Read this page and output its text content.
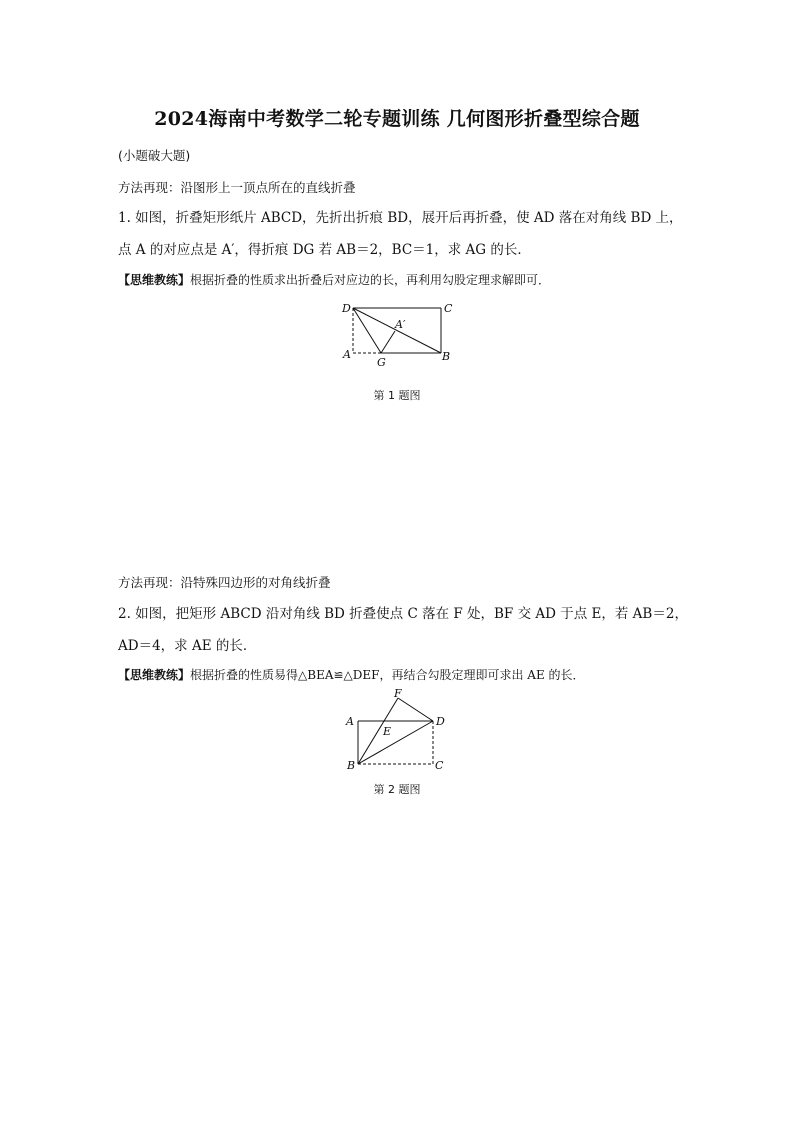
2024海南中考数学二轮专题训练 几何图形折叠型综合题
(小题破大题)
方法再现：沿图形上一顶点所在的直线折叠
1. 如图，折叠矩形纸片 ABCD，先折出折痕 BD，展开后再折叠，使 AD 落在对角线 BD 上，
点 A 的对应点是 A′，得折痕 DG 若 AB＝2，BC＝1，求 AG 的长．
【思维教练】根据折叠的性质求出折叠后对应边的长，再利用勾股定理求解即可．
D	C
A′
A
G	B
第 1 题图
方法再现：沿特殊四边形的对角线折叠
2. 如图，把矩形 ABCD 沿对角线 BD 折叠使点 C 落在 F 处，BF 交 AD 于点 E，若 AB＝2，
AD＝4，求 AE 的长．
【思维教练】根据折叠的性质易得△BEA≌△DEF，再结合勾股定理即可求出 AE 的长．
F
A	D
E
B	C
第 2 题图
